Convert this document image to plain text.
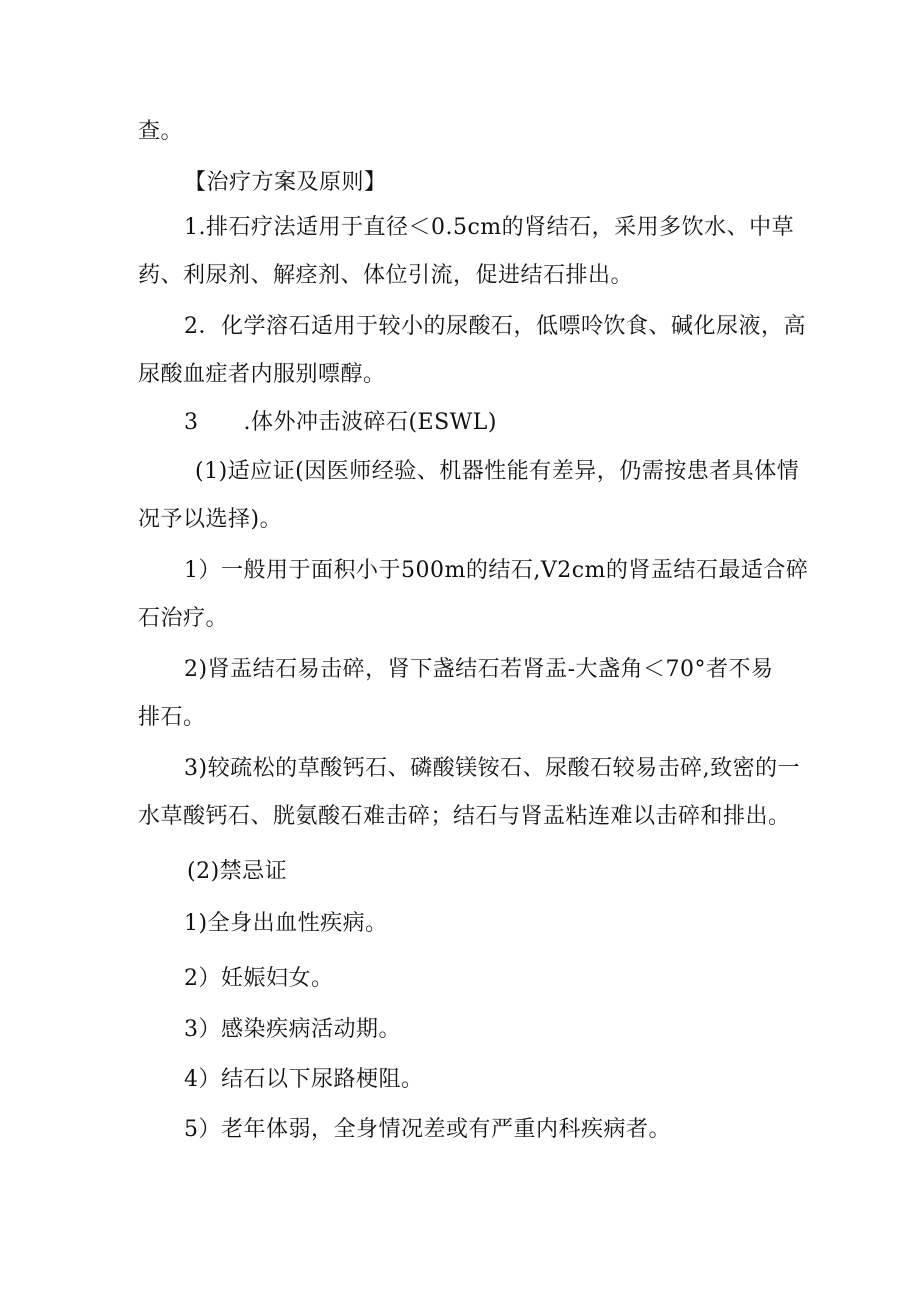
查。
【治疗方案及原则】
1.排石疗法适用于直径＜0.5cm的肾结石，采用多饮水、中草
药、利尿剂、解痉剂、体位引流，促进结石排出。
2．化学溶石适用于较小的尿酸石，低嘌呤饮食、碱化尿液，高
尿酸血症者内服别嘌醇。
3      .体外冲击波碎石(ESWL)
(1)适应证(因医师经验、机器性能有差异，仍需按患者具体情
况予以选择)。
1）一般用于面积小于500m的结石,V2cm的肾盂结石最适合碎
石治疗。
2)肾盂结石易击碎，肾下盏结石若肾盂-大盏角＜70°者不易
排石。
3)较疏松的草酸钙石、磷酸镁铵石、尿酸石较易击碎,致密的一
水草酸钙石、胱氨酸石难击碎；结石与肾盂粘连难以击碎和排出。
(2)禁忌证
1)全身出血性疾病。
2）妊娠妇女。
3）感染疾病活动期。
4）结石以下尿路梗阻。
5）老年体弱，全身情况差或有严重内科疾病者。
